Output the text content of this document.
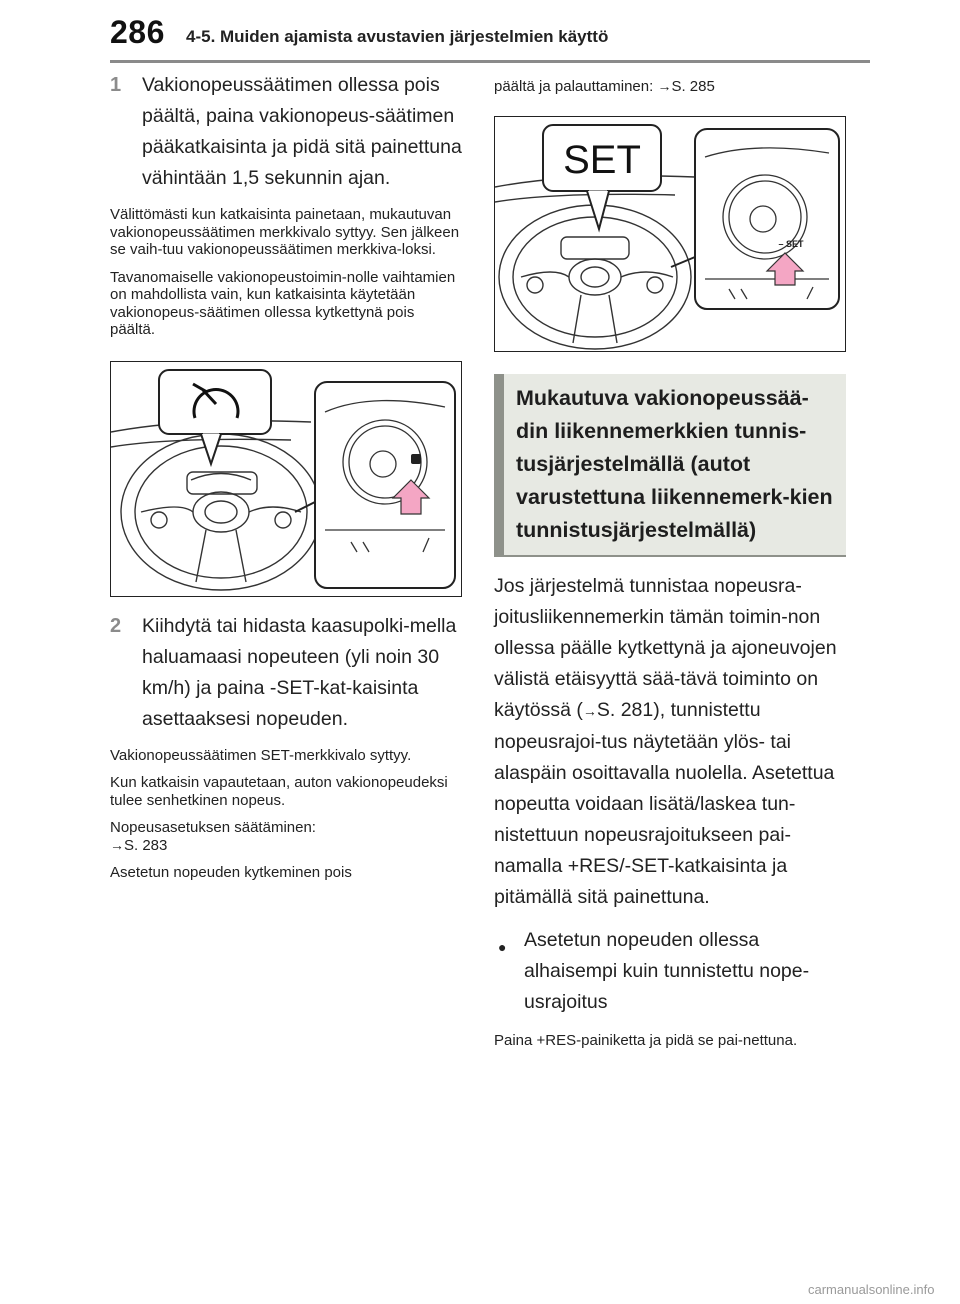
286 4-5. Muiden ajamista avustavien järjestelmien käyttö
1 Vakionopeussäätimen ollessa pois päältä, paina vakionopeus-säätimen pääkatkaisinta ja pidä sitä painettuna vähintään 1,5 sekunnin ajan.

Välittömästi kun katkaisinta painetaan, mukautuvan vakionopeussäätimen merkkivalo syttyy. Sen jälkeen se vaih-tuu vakionopeussäätimen merkkiva-loksi.

Tavanomaiselle vakionopeustoimin-nolle vaihtamien on mahdollista vain, kun katkaisinta käytetään vakionopeus-säätimen ollessa kytkettynä pois päältä.

2 Kiihdytä tai hidasta kaasupolki-mella haluamaasi nopeuteen (yli noin 30 km/h) ja paina -SET-kat-kaisinta asettaaksesi nopeuden.

Vakionopeussäätimen SET-merkkivalo syttyy.

Kun katkaisin vapautetaan, auton vakionopeudeksi tulee senhetkinen nopeus.

Nopeusasetuksen säätäminen:
→S. 283

Asetetun nopeuden kytkeminen pois

päältä ja palauttaminen: →S. 285

SET
– SET
Mukautuva vakionopeussää-din liikennemerkkien tunnis-tusjärjestelmällä (autot varustettuna liikennemerk-kien tunnistusjärjestelmällä)

Jos järjestelmä tunnistaa nopeusra-joitusliikennemerkin tämän toimin-non ollessa päälle kytkettynä ja ajoneuvojen välistä etäisyyttä sää-tävä toiminto on käytössä (→S. 281), tunnistettu nopeusrajoi-tus näytetään ylös- tai alaspäin osoittavalla nuolella. Asetettua nopeutta voidaan lisätä/laskea tun-nistettuun nopeusrajoitukseen pai-namalla +RES/-SET-katkaisinta ja pitämällä sitä painettuna.

● Asetetun nopeuden ollessa alhaisempi kuin tunnistettu nope-usrajoitus

Paina +RES-painiketta ja pidä se pai-nettuna.

carmanualsonline.info
